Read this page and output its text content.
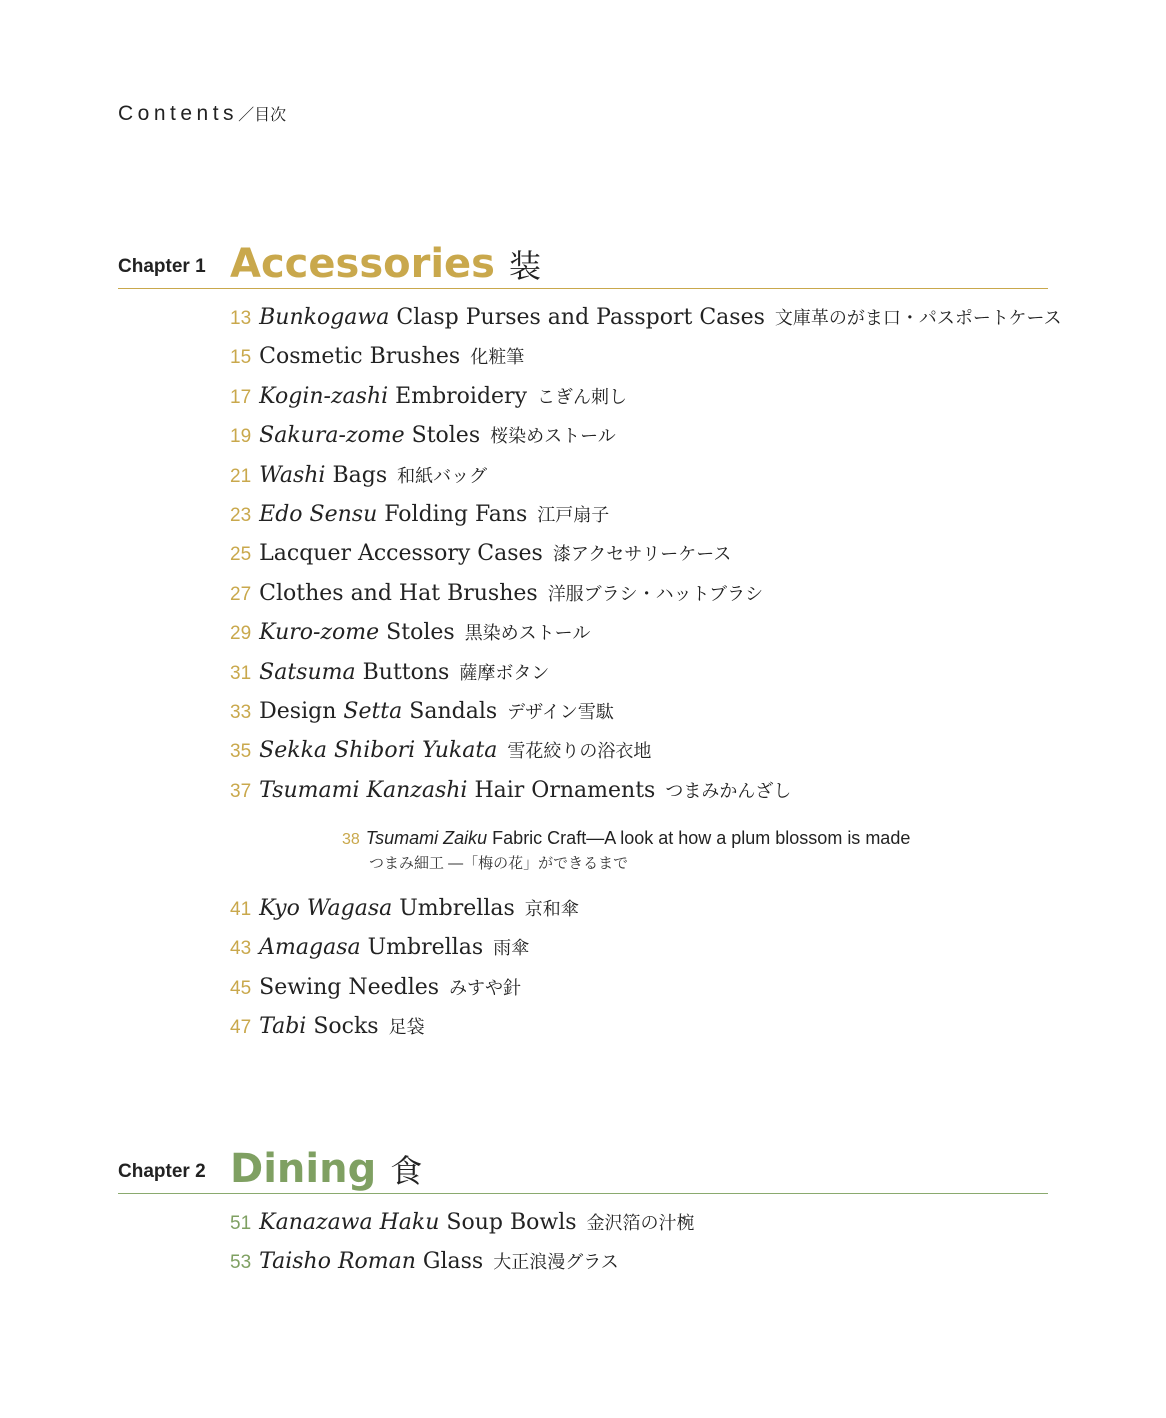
Contents／目次
Chapter 1 Accessories 装
13 Bunkogawa Clasp Purses and Passport Cases 文庫革のがま口・パスポートケース
15 Cosmetic Brushes 化粧筆
17 Kogin-zashi Embroidery こぎん刺し
19 Sakura-zome Stoles 桜染めストール
21 Washi Bags 和紙バッグ
23 Edo Sensu Folding Fans 江戸扇子
25 Lacquer Accessory Cases 漆アクセサリーケース
27 Clothes and Hat Brushes 洋服ブラシ・ハットブラシ
29 Kuro-zome Stoles 黒染めストール
31 Satsuma Buttons 薩摩ボタン
33 Design Setta Sandals デザイン雪駄
35 Sekka Shibori Yukata 雪花絞りの浴衣地
37 Tsumami Kanzashi Hair Ornaments つまみかんざし
38 Tsumami Zaiku Fabric Craft—A look at how a plum blossom is made
つまみ細工 ―「梅の花」ができるまで
41 Kyo Wagasa Umbrellas 京和傘
43 Amagasa Umbrellas 雨傘
45 Sewing Needles みすや針
47 Tabi Socks 足袋
Chapter 2 Dining 食
51 Kanazawa Haku Soup Bowls 金沢箔の汁椀
53 Taisho Roman Glass 大正浪漫グラス
